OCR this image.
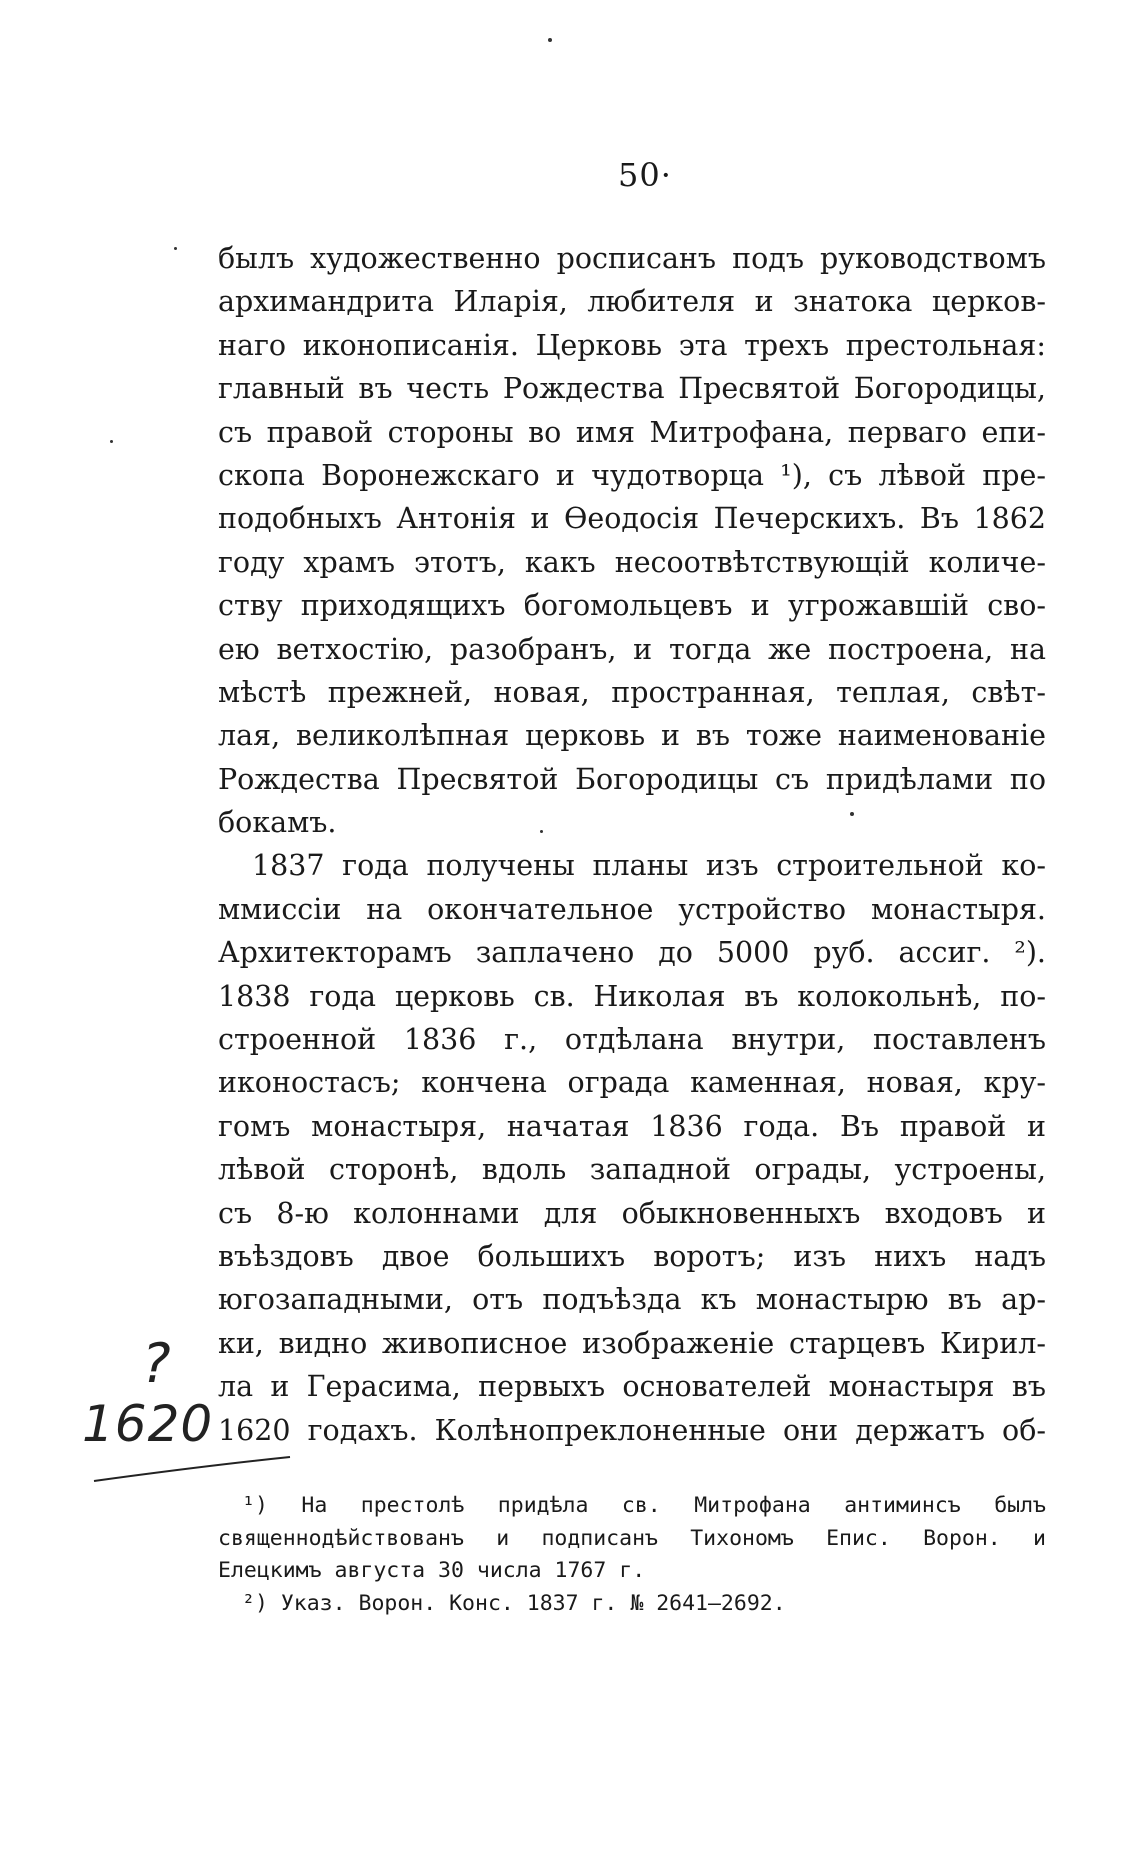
50·
былъ художественно росписанъ подъ руководствомъ
архимандрита Иларія, любителя и знатока церков-
наго иконописанія. Церковь эта трехъ престольная:
главный въ честь Рождества Пресвятой Богородицы,
съ правой стороны во имя Митрофана, перваго епи-
скопа Воронежскаго и чудотворца ¹), съ лѣвой пре-
подобныхъ Антонія и Өеодосія Печерскихъ. Въ 1862
году храмъ этотъ, какъ несоотвѣтствующій количе-
ству приходящихъ богомольцевъ и угрожавшій сво-
ею ветхостію, разобранъ, и тогда же построена, на
мѣстѣ прежней, новая, пространная, теплая, свѣт-
лая, великолѣпная церковь и въ тоже наименованіе
Рождества Пресвятой Богородицы съ придѣлами по
бокамъ.
1837 года получены планы изъ строительной ко-
ммиссіи на окончательное устройство монастыря.
Архитекторамъ заплачено до 5000 руб. ассиг. ²).
1838 года церковь св. Николая въ колокольнѣ, по-
строенной 1836 г., отдѣлана внутри, поставленъ
иконостасъ; кончена ограда каменная, новая, кру-
гомъ монастыря, начатая 1836 года. Въ правой и
лѣвой сторонѣ, вдоль западной ограды, устроены,
съ 8-ю колоннами для обыкновенныхъ входовъ и
въѣздовъ двое большихъ воротъ; изъ нихъ надъ
югозападными, отъ подъѣзда къ монастырю въ ар-
ки, видно живописное изображеніе старцевъ Кирил-
ла и Герасима, первыхъ основателей монастыря въ
1620 годахъ. Колѣнопреклоненные они держатъ об-
¹) На престолѣ придѣла св. Митрофана антиминсъ былъ
священнодѣйствованъ и подписанъ Тихономъ Епис. Ворон. и
Елецкимъ августа 30 числа 1767 г.
²) Указ. Ворон. Конс. 1837 г. № 2641—2692.
?
1620
